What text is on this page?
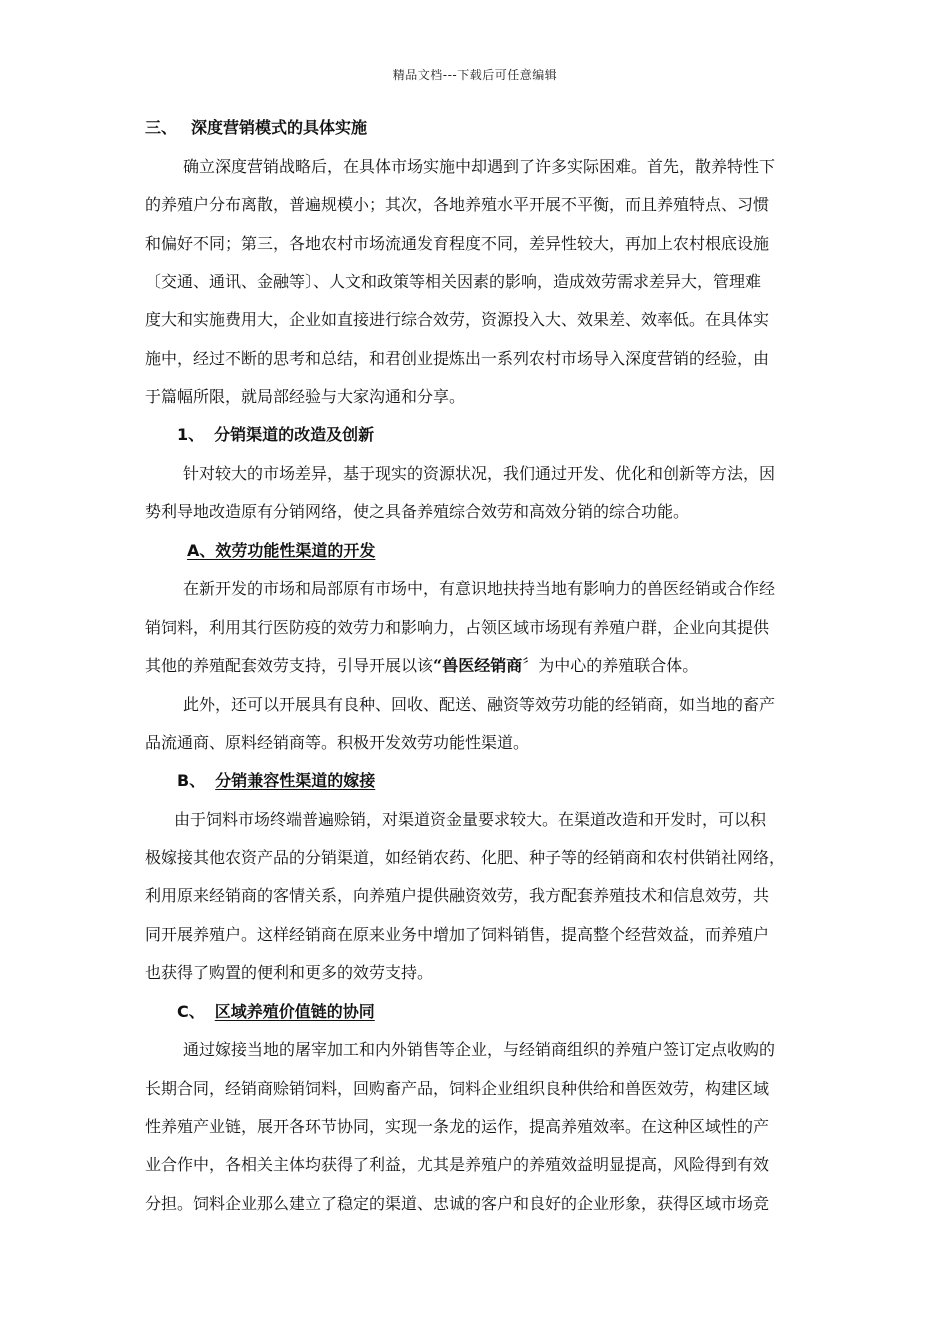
精品文档---下载后可任意编辑
三、 深度营销模式的具体实施
确立深度营销战略后，在具体市场实施中却遇到了许多实际困难。首先，散养特性下
的养殖户分布离散，普遍规模小；其次，各地养殖水平开展不平衡，而且养殖特点、习惯
和偏好不同；第三，各地农村市场流通发育程度不同，差异性较大，再加上农村根底设施
〔交通、通讯、金融等〕、人文和政策等相关因素的影响，造成效劳需求差异大，管理难
度大和实施费用大，企业如直接进行综合效劳，资源投入大、效果差、效率低。在具体实
施中，经过不断的思考和总结，和君创业提炼出一系列农村市场导入深度营销的经验，由
于篇幅所限，就局部经验与大家沟通和分享。
1、 分销渠道的改造及创新
针对较大的市场差异，基于现实的资源状况，我们通过开发、优化和创新等方法，因
势利导地改造原有分销网络，使之具备养殖综合效劳和高效分销的综合功能。
A、效劳功能性渠道的开发
在新开发的市场和局部原有市场中，有意识地扶持当地有影响力的兽医经销或合作经
销饲料，利用其行医防疫的效劳力和影响力，占领区域市场现有养殖户群，企业向其提供
其他的养殖配套效劳支持，引导开展以该“兽医经销商〞为中心的养殖联合体。
此外，还可以开展具有良种、回收、配送、融资等效劳功能的经销商，如当地的畜产
品流通商、原料经销商等。积极开发效劳功能性渠道。
B、 分销兼容性渠道的嫁接
由于饲料市场终端普遍赊销，对渠道资金量要求较大。在渠道改造和开发时，可以积
极嫁接其他农资产品的分销渠道，如经销农药、化肥、种子等的经销商和农村供销社网络，
利用原来经销商的客情关系，向养殖户提供融资效劳，我方配套养殖技术和信息效劳，共
同开展养殖户。这样经销商在原来业务中增加了饲料销售，提高整个经营效益，而养殖户
也获得了购置的便利和更多的效劳支持。
C、 区域养殖价值链的协同
通过嫁接当地的屠宰加工和内外销售等企业，与经销商组织的养殖户签订定点收购的
长期合同，经销商赊销饲料，回购畜产品，饲料企业组织良种供给和兽医效劳，构建区域
性养殖产业链，展开各环节协同，实现一条龙的运作，提高养殖效率。在这种区域性的产
业合作中，各相关主体均获得了利益，尤其是养殖户的养殖效益明显提高，风险得到有效
分担。饲料企业那么建立了稳定的渠道、忠诚的客户和良好的企业形象，获得区域市场竞
